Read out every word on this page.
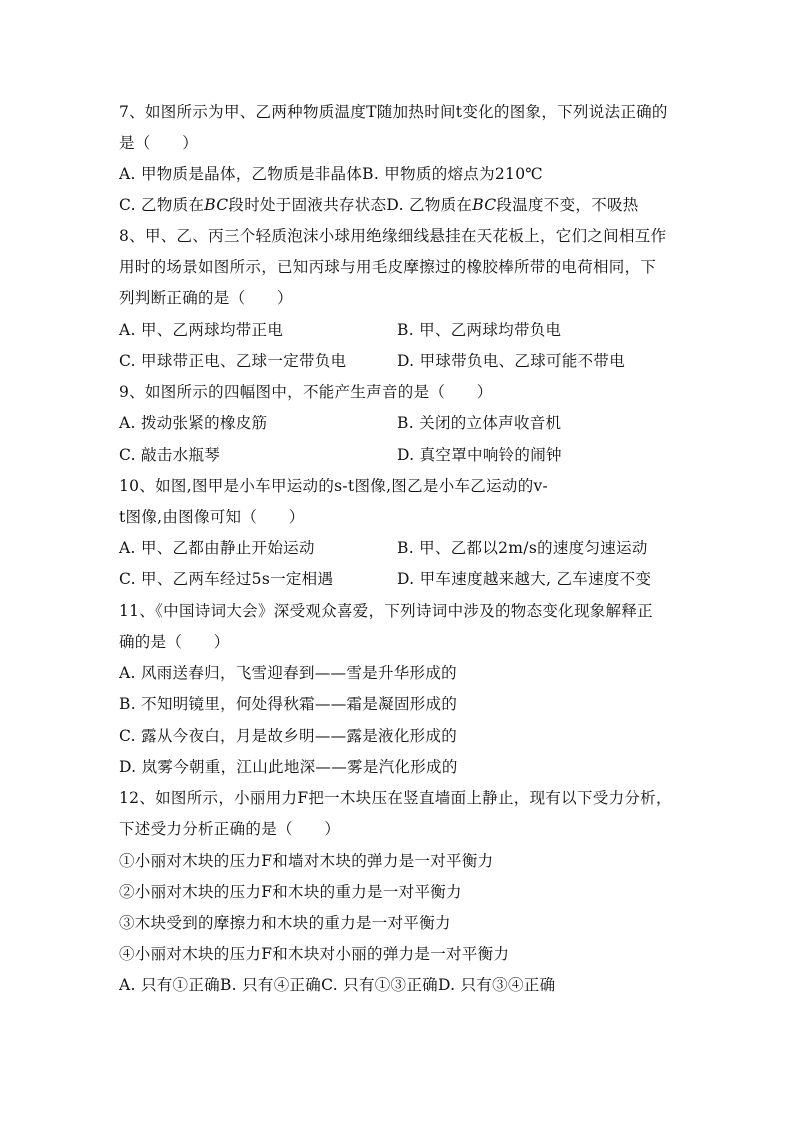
7、如图所示为甲、乙两种物质温度T随加热时间t变化的图象，下列说法正确的
是（　　）
A. 甲物质是晶体，乙物质是非晶体B. 甲物质的熔点为210℃
C. 乙物质在BC段时处于固液共存状态D. 乙物质在BC段温度不变，不吸热
8、甲、乙、丙三个轻质泡沫小球用绝缘细线悬挂在天花板上，它们之间相互作
用时的场景如图所示，已知丙球与用毛皮摩擦过的橡胶棒所带的电荷相同，下
列判断正确的是（　　）
A. 甲、乙两球均带正电	B. 甲、乙两球均带负电
C. 甲球带正电、乙球一定带负电	D. 甲球带负电、乙球可能不带电
9、如图所示的四幅图中，不能产生声音的是（　　）
A. 拨动张紧的橡皮筋	B. 关闭的立体声收音机
C. 敲击水瓶琴	D. 真空罩中响铃的闹钟
10、如图,图甲是小车甲运动的s-t图像,图乙是小车乙运动的v-
t图像,由图像可知（　　）
A. 甲、乙都由静止开始运动	B. 甲、乙都以2m/s的速度匀速运动
C. 甲、乙两车经过5s一定相遇	D. 甲车速度越来越大, 乙车速度不变
11、《中国诗词大会》深受观众喜爱，下列诗词中涉及的物态变化现象解释正
确的是（　　）
A. 风雨送春归，飞雪迎春到——雪是升华形成的
B. 不知明镜里，何处得秋霜——霜是凝固形成的
C. 露从今夜白，月是故乡明——露是液化形成的
D. 岚雾今朝重，江山此地深——雾是汽化形成的
12、如图所示，小丽用力F把一木块压在竖直墙面上静止，现有以下受力分析，
下述受力分析正确的是（　　）
①小丽对木块的压力F和墙对木块的弹力是一对平衡力
②小丽对木块的压力F和木块的重力是一对平衡力
③木块受到的摩擦力和木块的重力是一对平衡力
④小丽对木块的压力F和木块对小丽的弹力是一对平衡力
A. 只有①正确B. 只有④正确C. 只有①③正确D. 只有③④正确
